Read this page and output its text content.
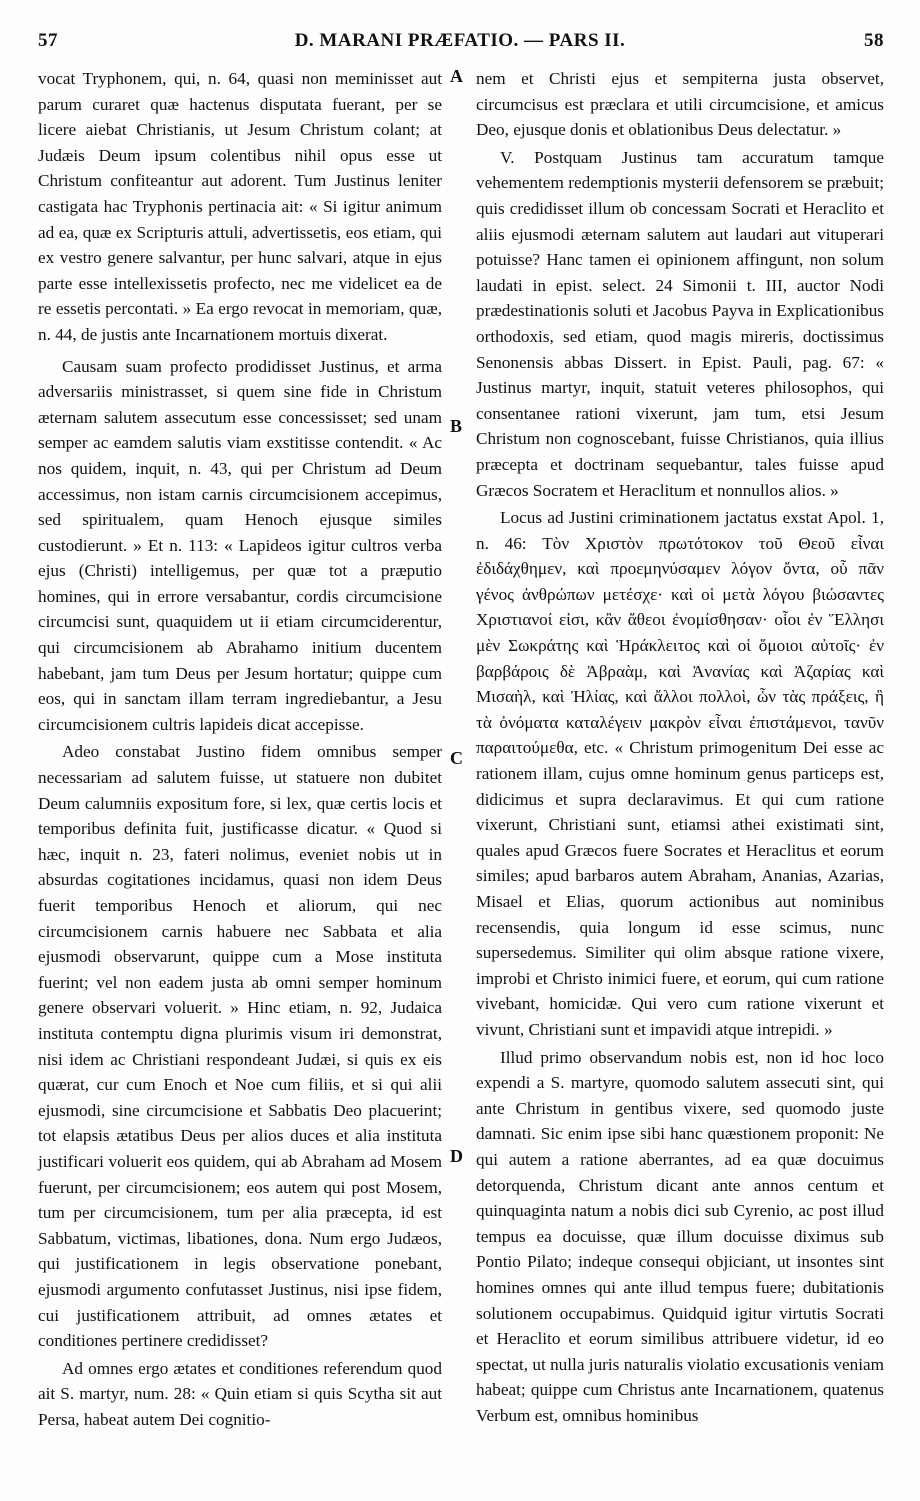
57	D. MARANI PRÆFATIO. — PARS II.	58
A
B
C
D

vocat Tryphonem, qui, n. 64, quasi non meminisset aut parum curaret quæ hactenus disputata fuerant, per se licere aiebat Christianis, ut Jesum Christum colant; at Judæis Deum ipsum colentibus nihil opus esse ut Christum confiteantur aut adorent. Tum Justinus leniter castigata hac Tryphonis pertinacia ait: « Si igitur animum ad ea, quæ ex Scripturis attuli, advertissetis, eos etiam, qui ex vestro genere salvantur, per hunc salvari, atque in ejus parte esse intellexissetis profecto, nec me videlicet ea de re essetis percontati. » Ea ergo revocat in memoriam, quæ, n. 44, de justis ante Incarnationem mortuis dixerat.

Causam suam profecto prodidisset Justinus, et arma adversariis ministrasset, si quem sine fide in Christum æternam salutem assecutum esse concessisset; sed unam semper ac eamdem salutis viam exstitisse contendit. « Ac nos quidem, inquit, n. 43, qui per Christum ad Deum accessimus, non istam carnis circumcisionem accepimus, sed spiritualem, quam Henoch ejusque similes custodierunt. » Et n. 113: « Lapideos igitur cultros verba ejus (Christi) intelligemus, per quæ tot a præputio homines, qui in errore versabantur, cordis circumcisione circumcisi sunt, quaquidem ut ii etiam circumciderentur, qui circumcisionem ab Abrahamo initium ducentem habebant, jam tum Deus per Jesum hortatur; quippe cum eos, qui in sanctam illam terram ingrediebantur, a Jesu circumcisionem cultris lapideis dicat accepisse.

Adeo constabat Justino fidem omnibus semper necessariam ad salutem fuisse, ut statuere non dubitet Deum calumniis expositum fore, si lex, quæ certis locis et temporibus definita fuit, justificasse dicatur. « Quod si hæc, inquit n. 23, fateri nolimus, eveniet nobis ut in absurdas cogitationes incidamus, quasi non idem Deus fuerit temporibus Henoch et aliorum, qui nec circumcisionem carnis habuere nec Sabbata et alia ejusmodi observarunt, quippe cum a Mose instituta fuerint; vel non eadem justa ab omni semper hominum genere observari voluerit. » Hinc etiam, n. 92, Judaica instituta contemptu digna plurimis visum iri demonstrat, nisi idem ac Christiani respondeant Judæi, si quis ex eis quærat, cur cum Enoch et Noe cum filiis, et si qui alii ejusmodi, sine circumcisione et Sabbatis Deo placuerint; tot elapsis ætatibus Deus per alios duces et alia instituta justificari voluerit eos quidem, qui ab Abraham ad Mosem fuerunt, per circumcisionem; eos autem qui post Mosem, tum per circumcisionem, tum per alia præcepta, id est Sabbatum, victimas, libationes, dona. Num ergo Judæos, qui justificationem in legis observatione ponebant, ejusmodi argumento confutasset Justinus, nisi ipse fidem, cui justificationem attribuit, ad omnes ætates et conditiones pertinere credidisset?

Ad omnes ergo ætates et conditiones referendum quod ait S. martyr, num. 28: « Quin etiam si quis Scytha sit aut Persa, habeat autem Dei cognitio-

nem et Christi ejus et sempiterna justa observet, circumcisus est præclara et utili circumcisione, et amicus Deo, ejusque donis et oblationibus Deus delectatur. »

V. Postquam Justinus tam accuratum tamque vehementem redemptionis mysterii defensorem se præbuit; quis credidisset illum ob concessam Socrati et Heraclito et aliis ejusmodi æternam salutem aut laudari aut vituperari potuisse? Hanc tamen ei opinionem affingunt, non solum laudati in epist. select. 24 Simonii t. III, auctor Nodi prædestinationis soluti et Jacobus Payva in Explicationibus orthodoxis, sed etiam, quod magis mireris, doctissimus Senonensis abbas Dissert. in Epist. Pauli, pag. 67: « Justinus martyr, inquit, statuit veteres philosophos, qui consentanee rationi vixerunt, jam tum, etsi Jesum Christum non cognoscebant, fuisse Christianos, quia illius præcepta et doctrinam sequebantur, tales fuisse apud Græcos Socratem et Heraclitum et nonnullos alios. »

Locus ad Justini criminationem jactatus exstat Apol. 1, n. 46: Τὸν Χριστὸν πρωτότοκον τοῦ Θεοῦ εἶναι ἐδιδάχθημεν, καὶ προεμηνύσαμεν λόγον ὄντα, οὗ πᾶν γένος ἀνθρώπων μετέσχε· καὶ οἱ μετὰ λόγου βιώσαντες Χριστιανοί εἰσι, κἂν ἄθεοι ἐνομίσθησαν· οἷοι ἐν Ἕλλησι μὲν Σωκράτης καὶ Ἡράκλειτος καὶ οἱ ὅμοιοι αὐτοῖς· ἐν βαρβάροις δὲ Ἀβραὰμ, καὶ Ἀνανίας καὶ Ἀζαρίας καὶ Μισαὴλ, καὶ Ἠλίας, καὶ ἄλλοι πολλοὶ, ὧν τὰς πράξεις, ἢ τὰ ὀνόματα καταλέγειν μακρὸν εἶναι ἐπιστάμενοι, τανῦν παραιτούμεθα, etc. « Christum primogenitum Dei esse ac rationem illam, cujus omne hominum genus particeps est, didicimus et supra declaravimus. Et qui cum ratione vixerunt, Christiani sunt, etiamsi athei existimati sint, quales apud Græcos fuere Socrates et Heraclitus et eorum similes; apud barbaros autem Abraham, Ananias, Azarias, Misael et Elias, quorum actionibus aut nominibus recensendis, quia longum id esse scimus, nunc supersedemus. Similiter qui olim absque ratione vixere, improbi et Christo inimici fuere, et eorum, qui cum ratione vivebant, homicidæ. Qui vero cum ratione vixerunt et vivunt, Christiani sunt et impavidi atque intrepidi. »

Illud primo observandum nobis est, non id hoc loco expendi a S. martyre, quomodo salutem assecuti sint, qui ante Christum in gentibus vixere, sed quomodo juste damnati. Sic enim ipse sibi hanc quæstionem proponit: Ne qui autem a ratione aberrantes, ad ea quæ docuimus detorquenda, Christum dicant ante annos centum et quinquaginta natum a nobis dici sub Cyrenio, ac post illud tempus ea docuisse, quæ illum docuisse diximus sub Pontio Pilato; indeque consequi objiciant, ut insontes sint homines omnes qui ante illud tempus fuere; dubitationis solutionem occupabimus. Quidquid igitur virtutis Socrati et Heraclito et eorum similibus attribuere videtur, id eo spectat, ut nulla juris naturalis violatio excusationis veniam habeat; quippe cum Christus ante Incarnationem, quatenus Verbum est, omnibus hominibus
